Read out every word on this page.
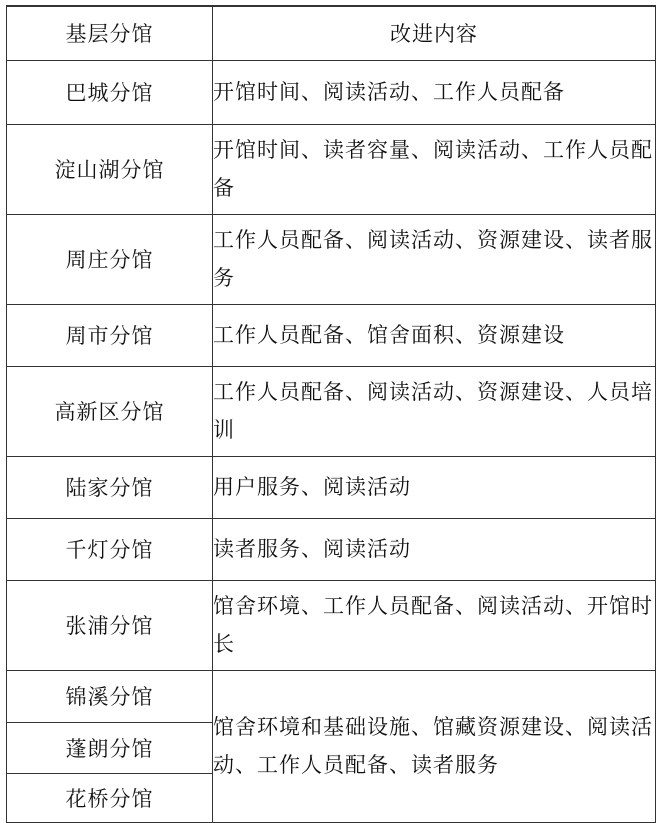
基层分馆	改进内容
巴城分馆	开馆时间、阅读活动、工作人员配备
淀山湖分馆	开馆时间、读者容量、阅读活动、工作人员配备
周庄分馆	工作人员配备、阅读活动、资源建设、读者服务
周市分馆	工作人员配备、馆舍面积、资源建设
高新区分馆	工作人员配备、阅读活动、资源建设、人员培训
陆家分馆	用户服务、阅读活动
千灯分馆	读者服务、阅读活动
张浦分馆	馆舍环境、工作人员配备、阅读活动、开馆时长
锦溪分馆	馆舍环境和基础设施、馆藏资源建设、阅读活动、工作人员配备、读者服务
蓬朗分馆	
花桥分馆	
